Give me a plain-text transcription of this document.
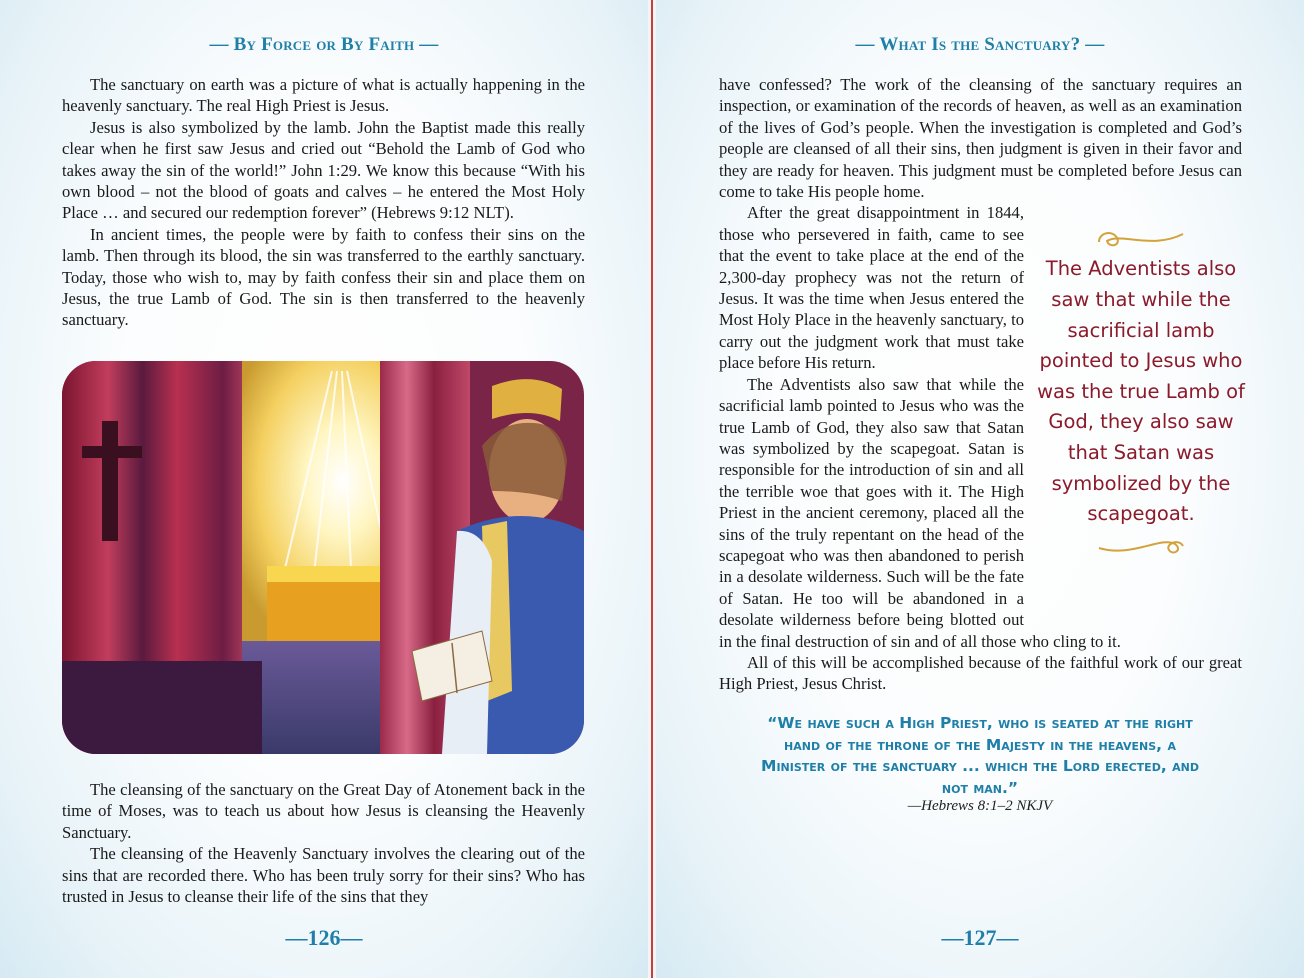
— By Force or By Faith —

The sanctuary on earth was a picture of what is actually happening in the heavenly sanctuary. The real High Priest is Jesus.

Jesus is also symbolized by the lamb. John the Baptist made this really clear when he first saw Jesus and cried out “Behold the Lamb of God who takes away the sin of the world!” John 1:29. We know this because “With his own blood – not the blood of goats and calves – he entered the Most Holy Place … and secured our redemption forever” (Hebrews 9:12 NLT).

In ancient times, the people were by faith to confess their sins on the lamb. Then through its blood, the sin was transferred to the earthly sanctuary. Today, those who wish to, may by faith confess their sin and place them on Jesus, the true Lamb of God. The sin is then transferred to the heavenly sanctuary.

The cleansing of the sanctuary on the Great Day of Atonement back in the time of Moses, was to teach us about how Jesus is cleansing the Heavenly Sanctuary.

The cleansing of the Heavenly Sanctuary involves the clearing out of the sins that are recorded there. Who has been truly sorry for their sins? Who has trusted in Jesus to cleanse their life of the sins that they

—126—
— What Is the Sanctuary? —

have confessed? The work of the cleansing of the sanctuary requires an inspection, or examination of the records of heaven, as well as an examination of the lives of God’s people. When the investigation is completed and God’s people are cleansed of all their sins, then judgment is given in their favor and they are ready for heaven. This judgment must be completed before Jesus can come to take His people home.

The Adventists also saw that while the sacrificial lamb pointed to Jesus who was the true Lamb of God, they also saw that Satan was symbolized by the scapegoat.

After the great disappointment in 1844, those who persevered in faith, came to see that the event to take place at the end of the 2,300-day prophecy was not the return of Jesus. It was the time when Jesus entered the Most Holy Place in the heavenly sanctuary, to carry out the judgment work that must take place before His return.

The Adventists also saw that while the sacrificial lamb pointed to Jesus who was the true Lamb of God, they also saw that Satan was symbolized by the scapegoat. Satan is responsible for the introduction of sin and all the terrible woe that goes with it. The High Priest in the ancient ceremony, placed all the sins of the truly repentant on the head of the scapegoat who was then abandoned to perish in a desolate wilderness. Such will be the fate of Satan. He too will be abandoned in a desolate wilderness before being blotted out in the final destruction of sin and of all those who cling to it.

All of this will be accomplished because of the faithful work of our great High Priest, Jesus Christ.

—127—
“We have such a High Priest, who is seated at the right hand of the throne of the Majesty in the heavens, a Minister of the sanctuary ... which the Lord erected, and not man.”
—Hebrews 8:1–2 NKJV
